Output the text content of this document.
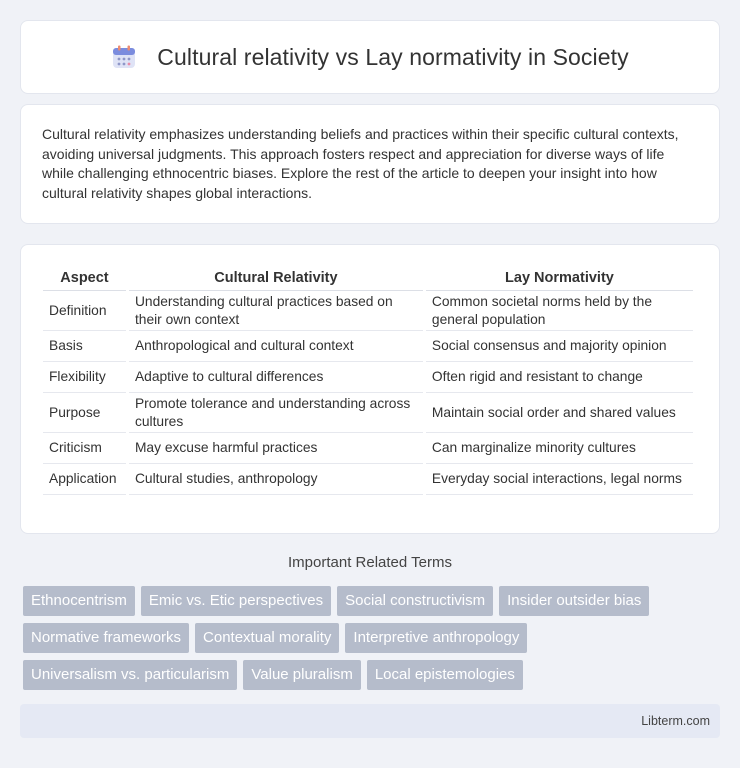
Cultural relativity vs Lay normativity in Society

Cultural relativity emphasizes understanding beliefs and practices within their specific cultural contexts, avoiding universal judgments. This approach fosters respect and appreciation for diverse ways of life while challenging ethnocentric biases. Explore the rest of the article to deepen your insight into how cultural relativity shapes global interactions.

Aspect	Cultural Relativity	Lay Normativity
Definition	Understanding cultural practices based on their own context	Common societal norms held by the general population
Basis	Anthropological and cultural context	Social consensus and majority opinion
Flexibility	Adaptive to cultural differences	Often rigid and resistant to change
Purpose	Promote tolerance and understanding across cultures	Maintain social order and shared values
Criticism	May excuse harmful practices	Can marginalize minority cultures
Application	Cultural studies, anthropology	Everyday social interactions, legal norms
Important Related Terms
Ethnocentrism	Emic vs. Etic perspectives	Social constructivism	Insider outsider bias
Normative frameworks	Contextual morality	Interpretive anthropology
Universalism vs. particularism	Value pluralism	Local epistemologies
Libterm.com
